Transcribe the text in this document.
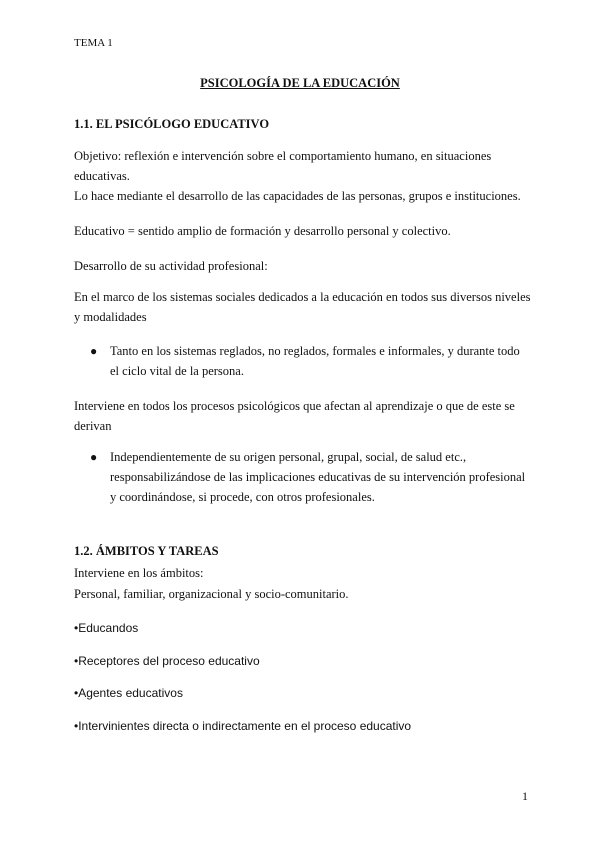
TEMA 1
PSICOLOGÍA DE LA EDUCACIÓN
1.1. EL PSICÓLOGO EDUCATIVO
Objetivo: reflexión e intervención sobre el comportamiento humano, en situaciones educativas.
Lo hace mediante el desarrollo de las capacidades de las personas, grupos e instituciones.
Educativo = sentido amplio de formación y desarrollo personal y colectivo.
Desarrollo de su actividad profesional:
En el marco de los sistemas sociales dedicados a la educación en todos sus diversos niveles y modalidades
● Tanto en los sistemas reglados, no reglados, formales e informales, y durante todo el ciclo vital de la persona.
Interviene en todos los procesos psicológicos que afectan al aprendizaje o que de este se derivan
● Independientemente de su origen personal, grupal, social, de salud etc., responsabilizándose de las implicaciones educativas de su intervención profesional y coordinándose, si procede, con otros profesionales.
1.2. ÁMBITOS Y TAREAS
Interviene en los ámbitos:
Personal, familiar, organizacional y socio-comunitario.
•Educandos
•Receptores del proceso educativo
•Agentes educativos
•Intervinientes directa o indirectamente en el proceso educativo
1
